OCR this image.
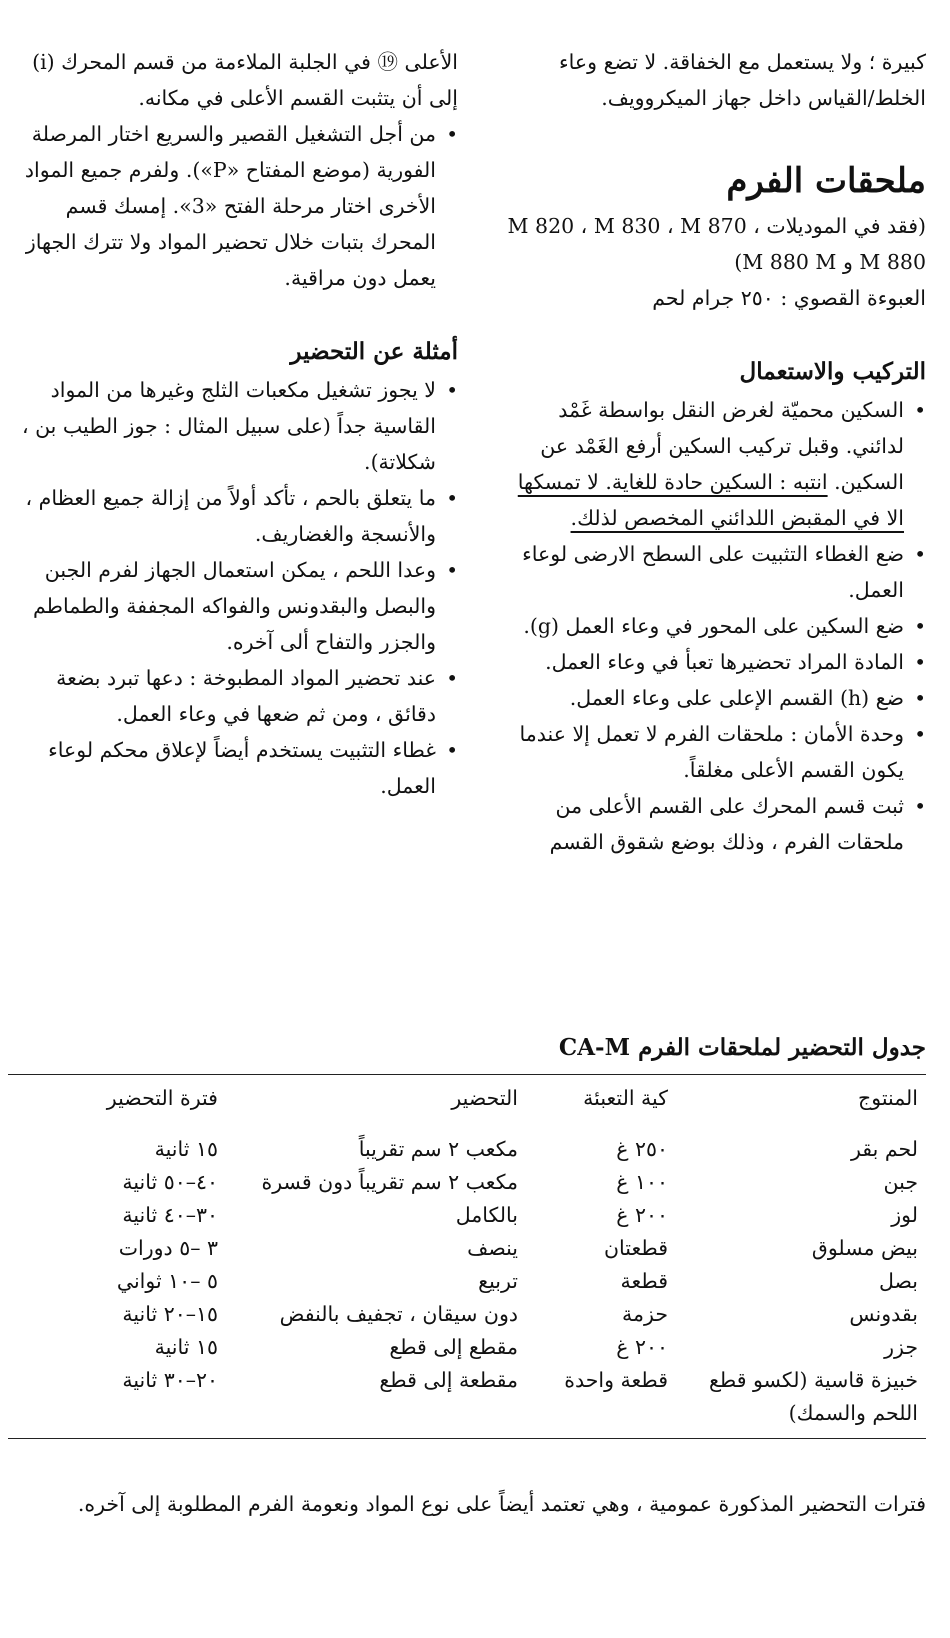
كبيرة ؛ ولا يستعمل مع الخفاقة. لا تضع وعاء الخلط/القياس داخل جهاز الميكروويف.

ملحقات الفرم

(فقد في الموديلات M 820 ، M 830 ، M 870 ، M 880 و M 880 M)

العبوءة القصوي : ٢٥٠ جرام لحم

التركيب والاستعمال

• السكين محميّة لغرض النقل بواسطة غَمْد لدائني. وقبل تركيب السكين أرفع الغَمْد عن السكين. انتبه : السكين حادة للغاية. لا تمسكها الا في المقبض اللدائني المخصص لذلك.
• ضع الغطاء التثبيت على السطح الارضى لوعاء العمل.
• ضع السكين على المحور في وعاء العمل (g).
• المادة المراد تحضيرها تعبأ في وعاء العمل.
• ضع (h) القسم الإعلى على وعاء العمل.
• وحدة الأمان : ملحقات الفرم لا تعمل إلا عندما يكون القسم الأعلى مغلقاً.
• ثبت قسم المحرك على القسم الأعلى من ملحقات الفرم ، وذلك بوضع شقوق القسم

الأعلى ⑲ في الجلبة الملاءمة من قسم المحرك (i) إلى أن يتثبت القسم الأعلى في مكانه.

• من أجل التشغيل القصير والسريع اختار المرصلة الفورية (موضع المفتاح «P»). ولفرم جميع المواد الأخرى اختار مرحلة الفتح «3». إمسك قسم المحرك بتبات خلال تحضير المواد ولا تترك الجهاز يعمل دون مراقية.

أمثلة عن التحضير

• لا يجوز تشغيل مكعبات الثلج وغيرها من المواد القاسية جداً (على سبيل المثال : جوز الطيب بن ، شكلاتة).
• ما يتعلق بالحم ، تأكد أولاً من إزالة جميع العظام ، والأنسجة والغضاريف.
• وعدا اللحم ، يمكن استعمال الجهاز لفرم الجبن والبصل والبقدونس والفواكه المجففة والطماطم والجزر والتفاح ألى آخره.
• عند تحضير المواد المطبوخة : دعها تبرد بضعة دقائق ، ومن ثم ضعها في وعاء العمل.
• غطاء التثبيت يستخدم أيضاً لإعلاق محكم لوعاء العمل.

جدول التحضير لملحقات الفرم CA-M

المنتوج	كية التعبئة	التحضير	فترة التحضير
لحم بقر	٢٥٠ غ	مكعب ٢ سم تقريباً	١٥ ثانية
جبن	١٠٠ غ	مكعب ٢ سم تقريباً دون قسرة	٤٠–٥٠ ثانية
لوز	٢٠٠ غ	بالكامل	٣٠–٤٠ ثانية
بيض مسلوق	قطعتان	ينصف	٣ –٥ دورات
بصل	قطعة	تربيع	٥ –١٠ ثواني
بقدونس	حزمة	دون سيقان ، تجفيف بالنفض	١٥–٢٠ ثانية
جزر	٢٠٠ غ	مقطع إلى قطع	١٥ ثانية
خبيزة قاسية (لكسو قطع اللحم والسمك)	قطعة واحدة	مقطعة إلى قطع	٢٠–٣٠ ثانية

فترات التحضير المذكورة عمومية ، وهي تعتمد أيضاً على نوع المواد ونعومة الفرم المطلوبة إلى آخره.
